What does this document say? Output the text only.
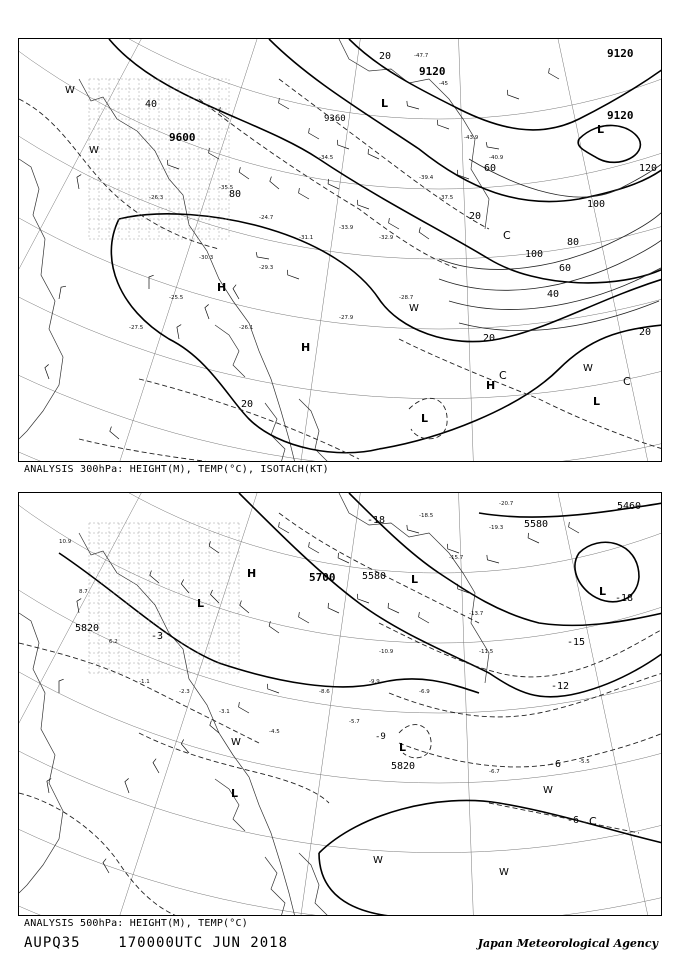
-47.7
-45
-43.9
-40.9
-39.4
-37.5
-34.5
-33.9
-32.9
-31.1
-29.3
-28.7
-27.9
-26.1
-25.5
-24.7
-35.5
-30.3
-26.3
-27.5
9120
9120
9120
9600
9360
20
40
60
80
100
120
20
40
60
80
100
20
20
20
H
H
H
L
L
L
L
C
C	C
W
W
W
W
ANALYSIS 300hPa: HEIGHT(M), TEMP(°C), ISOTACH(KT)
-20.7
-19.3
-18.5
-15.7
-13.7
-11.5
-10.9
-9.9
-8.6	-6.9
-5.7
-4.5
-3.1
-2.3
-1.1
6.2
8.7
10.9
-5.5
-6.7
5700	5580
5820
5820
5580
5460
-18
-15
-12
-9
-6
-6
-3
-18
H
L
L
L
L
L
C
W
W
W
W
ANALYSIS 500hPa: HEIGHT(M), TEMP(°C)
AUPQ35	170000UTC JUN 2018	Japan Meteorological Agency
